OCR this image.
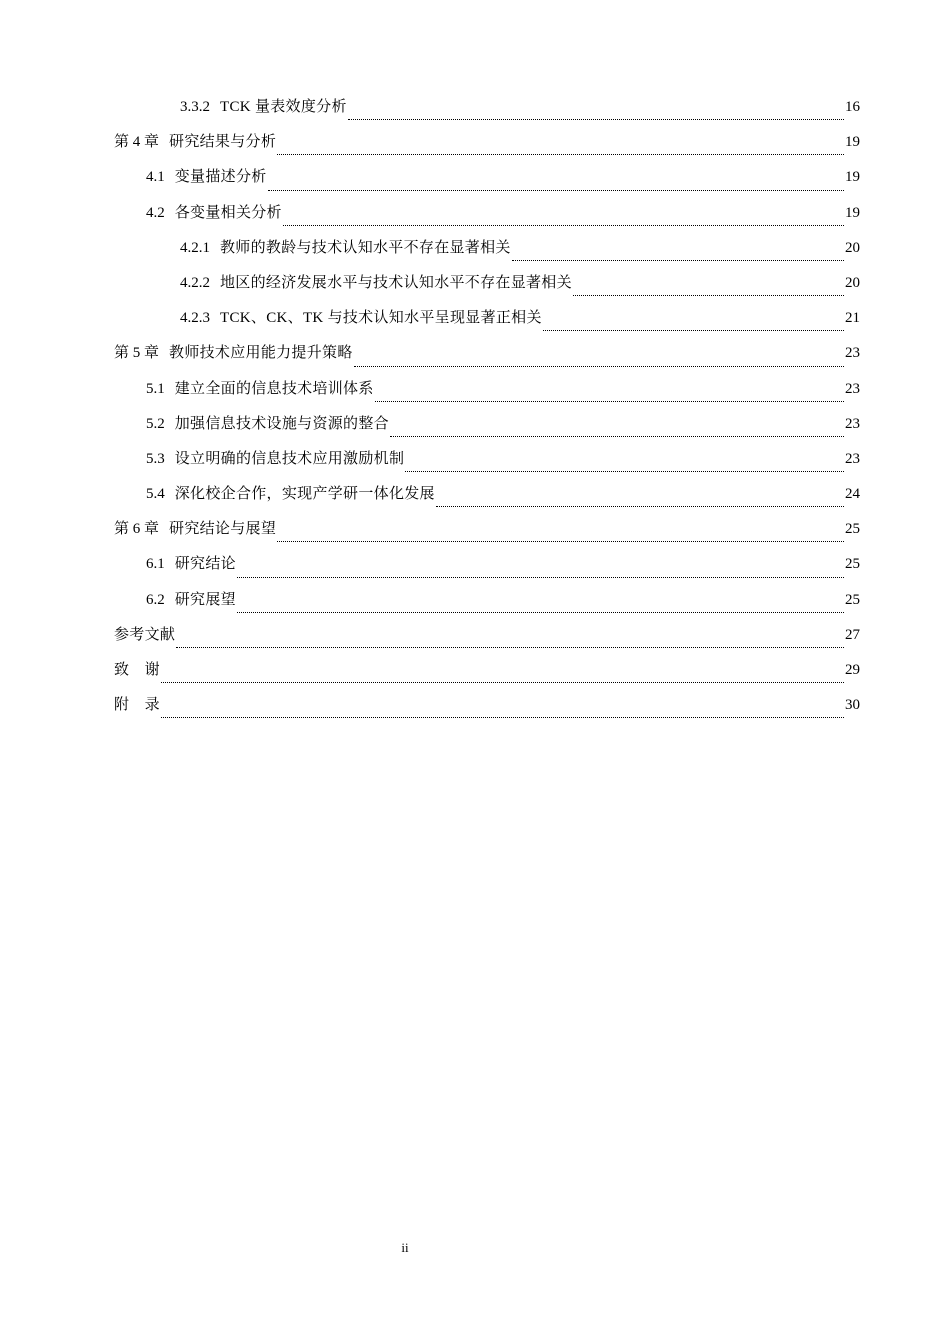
3.3.2 TCK 量表效度分析	16
第 4 章 研究结果与分析	19
4.1 变量描述分析	19
4.2 各变量相关分析	19
4.2.1 教师的教龄与技术认知水平不存在显著相关	20
4.2.2 地区的经济发展水平与技术认知水平不存在显著相关	20
4.2.3 TCK、CK、TK 与技术认知水平呈现显著正相关	21
第 5 章 教师技术应用能力提升策略	23
5.1 建立全面的信息技术培训体系	23
5.2 加强信息技术设施与资源的整合	23
5.3 设立明确的信息技术应用激励机制	23
5.4 深化校企合作，实现产学研一体化发展	24
第 6 章 研究结论与展望	25
6.1 研究结论	25
6.2 研究展望	25
参考文献	27
致　谢	29
附　录	30
ii
